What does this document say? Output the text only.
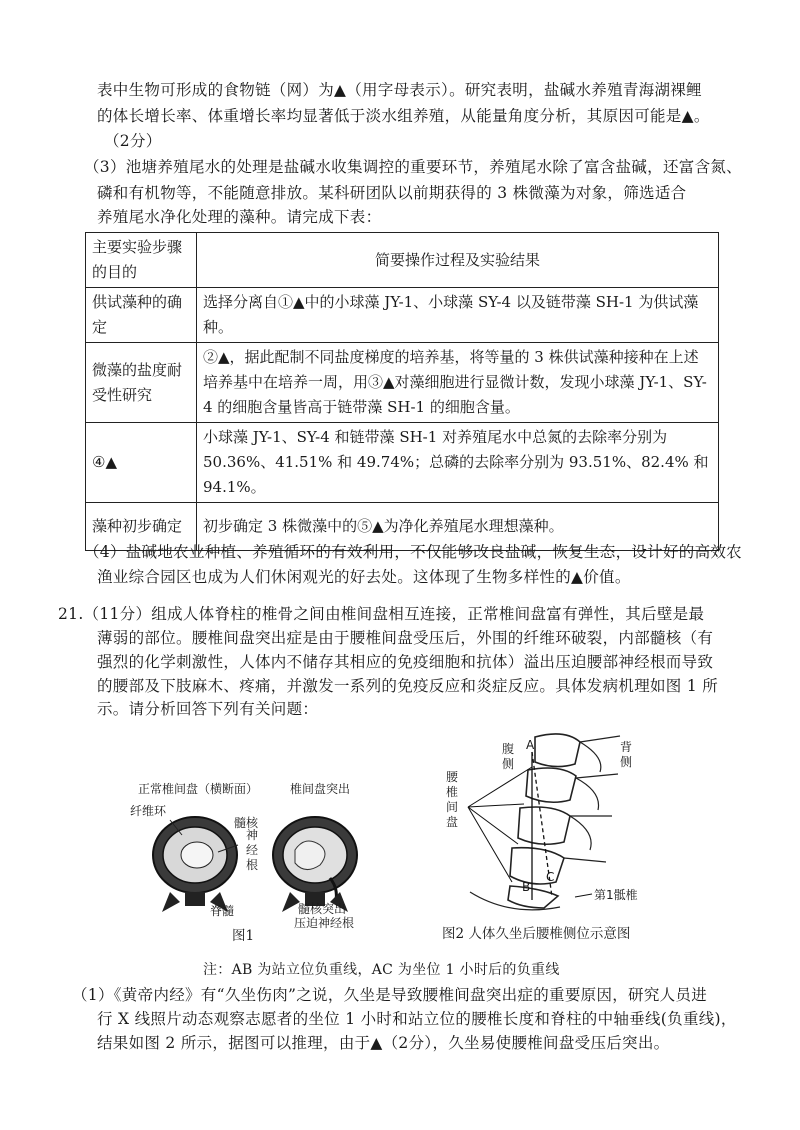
表中生物可形成的食物链（网）为▲（用字母表示）。研究表明，盐碱水养殖青海湖裸鲤
的体长增长率、体重增长率均显著低于淡水组养殖，从能量角度分析，其原因可能是▲。
（2分）
（3）池塘养殖尾水的处理是盐碱水收集调控的重要环节，养殖尾水除了富含盐碱，还富含氮、
磷和有机物等，不能随意排放。某科研团队以前期获得的 3 株微藻为对象，筛选适合
养殖尾水净化处理的藻种。请完成下表：
主要实验步骤的目的	简要操作过程及实验结果
供试藻种的确定	选择分离自①▲中的小球藻 JY-1、小球藻 SY-4 以及链带藻 SH-1 为供试藻种。
微藻的盐度耐受性研究	②▲，据此配制不同盐度梯度的培养基，将等量的 3 株供试藻种接种在上述培养基中在培养一周，用③▲对藻细胞进行显微计数，发现小球藻 JY-1、SY-4 的细胞含量皆高于链带藻 SH-1 的细胞含量。
④▲	小球藻 JY-1、SY-4 和链带藻 SH-1 对养殖尾水中总氮的去除率分别为 50.36%、41.51% 和 49.74%；总磷的去除率分别为 93.51%、82.4% 和 94.1%。
藻种初步确定	初步确定 3 株微藻中的⑤▲为净化养殖尾水理想藻种。
（4）盐碱地农业种植、养殖循环的有效利用，不仅能够改良盐碱，恢复生态，设计好的高效农
渔业综合园区也成为人们休闲观光的好去处。这体现了生物多样性的▲价值。
21.（11分）组成人体脊柱的椎骨之间由椎间盘相互连接，正常椎间盘富有弹性，其后壁是最
薄弱的部位。腰椎间盘突出症是由于腰椎间盘受压后，外围的纤维环破裂，内部髓核（有
强烈的化学刺激性，人体内不储存其相应的免疫细胞和抗体）溢出压迫腰部神经根而导致
的腰部及下肢麻木、疼痛，并激发一系列的免疫反应和炎症反应。具体发病机理如图 1 所
示。请分析回答下列有关问题：
正常椎间盘（横断面）	椎间盘突出
纤维环
髓核
神经根
脊髓	髓核突出
压迫神经根
图1
腹侧
背侧
腰椎间盘
A
B
C
第1骶椎
图2 人体久坐后腰椎侧位示意图
注：AB 为站立位负重线，AC 为坐位 1 小时后的负重线
（1）《黄帝内经》有“久坐伤肉”之说，久坐是导致腰椎间盘突出症的重要原因，研究人员进
行 X 线照片动态观察志愿者的坐位 1 小时和站立位的腰椎长度和脊柱的中轴垂线(负重线)，
结果如图 2 所示，据图可以推理，由于▲（2分），久坐易使腰椎间盘受压后突出。
